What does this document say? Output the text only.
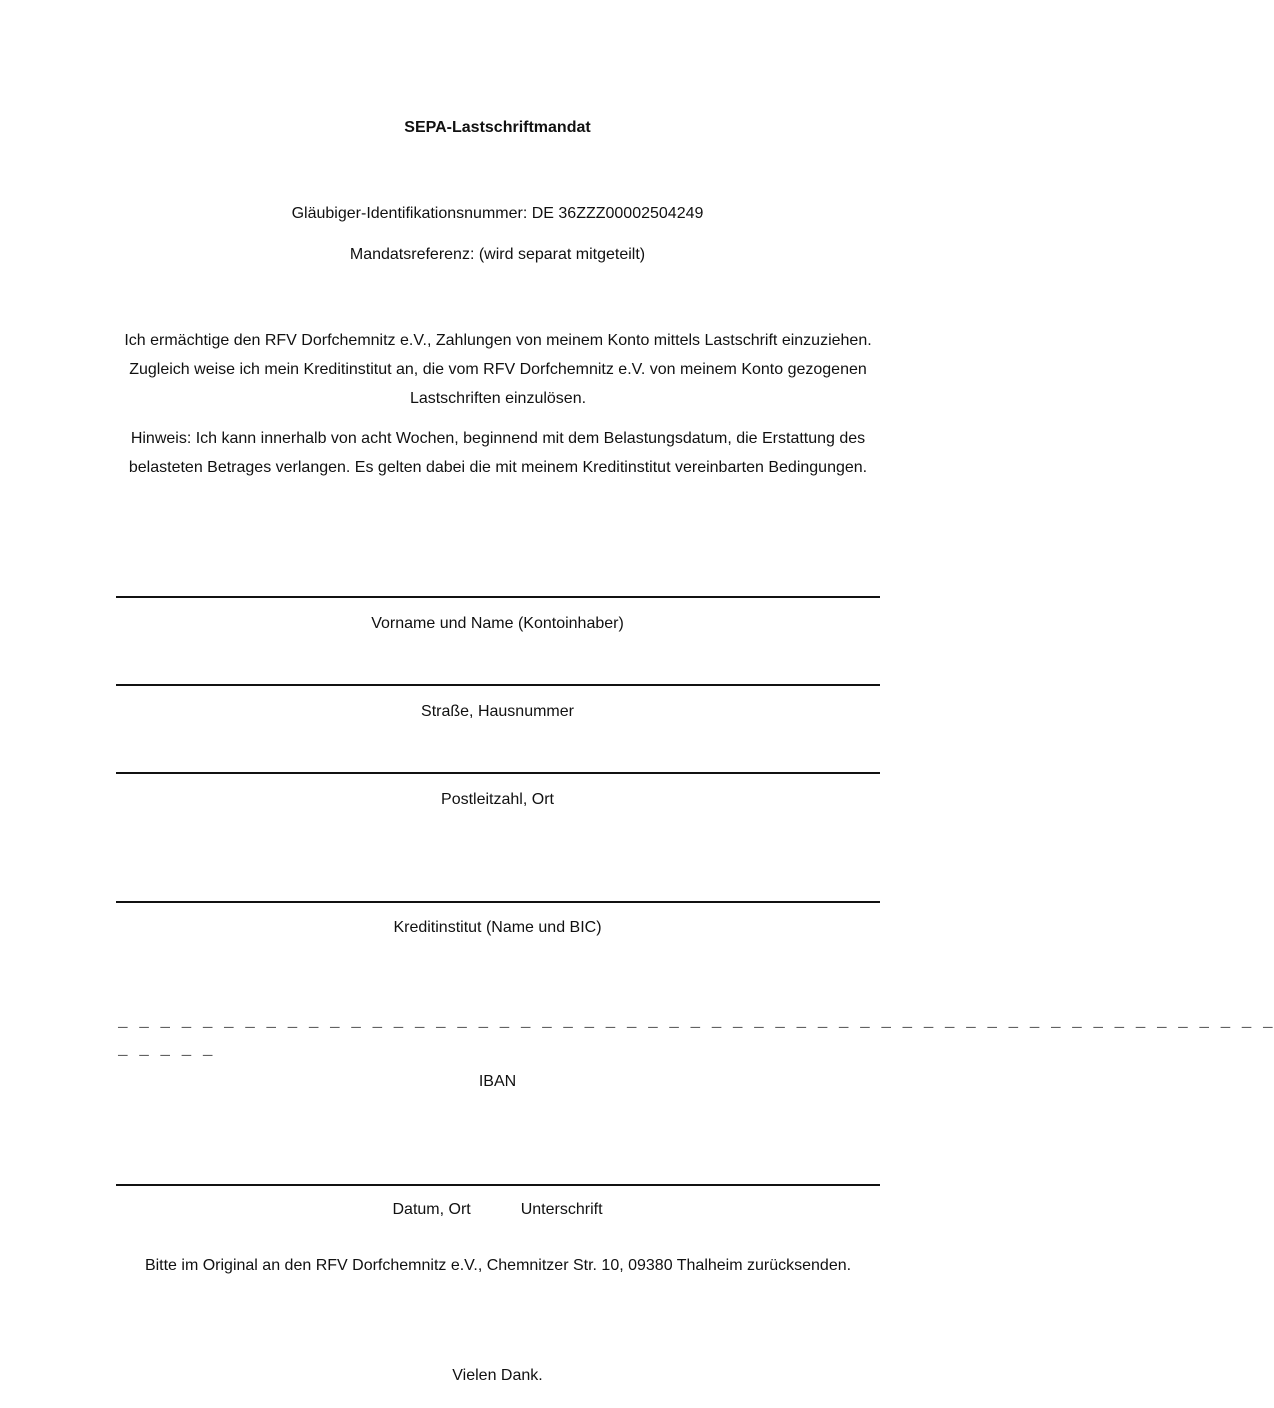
SEPA-Lastschriftmandat
Gläubiger-Identifikationsnummer: DE 36ZZZ00002504249
Mandatsreferenz: (wird separat mitgeteilt)
Ich ermächtige den RFV Dorfchemnitz e.V., Zahlungen von meinem Konto mittels Lastschrift einzuziehen. Zugleich weise ich mein Kreditinstitut an, die vom RFV Dorfchemnitz e.V. von meinem Konto gezogenen Lastschriften einzulösen.
Hinweis: Ich kann innerhalb von acht Wochen, beginnend mit dem Belastungsdatum, die Erstattung des belasteten Betrages verlangen. Es gelten dabei die mit meinem Kreditinstitut vereinbarten Bedingungen.
Vorname und Name (Kontoinhaber)
Straße, Hausnummer
Postleitzahl, Ort
Kreditinstitut (Name und BIC)
_ _ _ _ _ _ _ _ _ _ _ _ _ _ _ _ _ _ _ _ _ _ _ _ _ _ _ _ _ _ _ _ _ _ _ _ _ _ _ _ _ _ _ _ _ _ _ _ _ _ _ _ _ _ _
_ _ _ _ _
IBAN
Datum, Ort	Unterschrift
Bitte im Original an den RFV Dorfchemnitz e.V., Chemnitzer Str. 10, 09380 Thalheim zurücksenden.
Vielen Dank.
